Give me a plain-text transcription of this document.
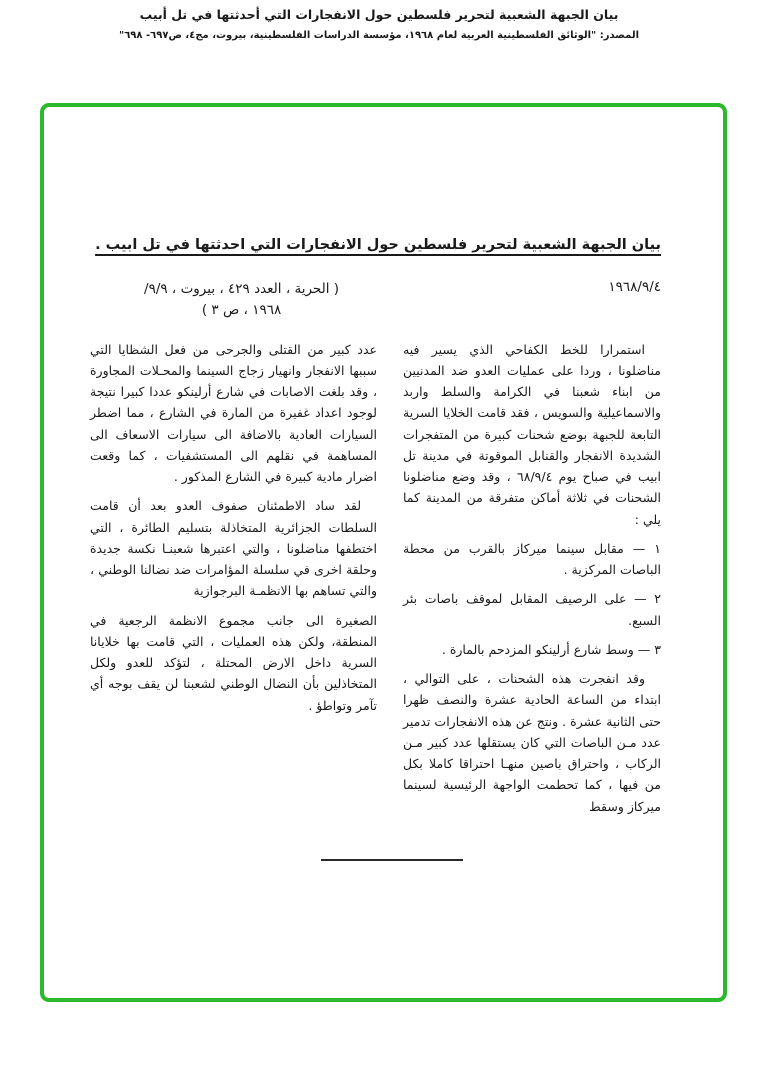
بيان الجبهة الشعبية لتحرير فلسطين حول الانفجارات التي أحدثتها في تل أبيب
المصدر: "الوثائق الفلسطينية العربية لعام ١٩٦٨، مؤسسة الدراسات الفلسطينية، بيروت، مج٤، ص٦٩٧- ٦٩٨"
بيان الجبهة الشعبية لتحرير فلسطين حول الانفجارات التي احدثتها في تل ابيب .
١٩٦٨/٩/٤
( الحرية ، العدد ٤٢٩ ، بيروت ، ٩/٩/
١٩٦٨ ، ص ٣ )

استمرارا للخط الكفاحي الذي يسير فيه مناضلونا ، وردا على عمليات العدو ضد المدنيين من ابناء شعبنا في الكرامة والسلط واربد والاسماعيلية والسويس ، فقد قامت الخلايا السرية التابعة للجبهة بوضع شحنات كبيرة من المتفجرات الشديدة الانفجار والقنابل الموقوتة في مدينة تل ابيب في صباح يوم ٦٨/٩/٤ ، وقد وضع مناضلونا الشحنات في ثلاثة أماكن متفرقة من المدينة كما يلي :

١ — مقابل سينما ميركاز بالقرب من محطة الباصات المركزية .

٢ — على الرصيف المقابل لموقف باصات بئر السبع.

٣ — وسط شارع أرلينكو المزدحم بالمارة .

وقد انفجرت هذه الشحنات ، على التوالي ، ابتداء من الساعة الحادية عشرة والنصف ظهرا حتى الثانية عشرة . ونتج عن هذه الانفجارات تدمير عدد مـن الباصات التي كان يستقلها عدد كبير مـن الركاب ، واحتراق باصين منهـا احتراقا كاملا بكل من فيها ، كما تحطمت الواجهة الرئيسية لسينما ميركاز وسقط

عدد كبير من القتلى والجرحى من فعل الشظايا التي سببها الانفجار وانهيار زجاج السينما والمحـلات المجاورة ، وقد بلغت الاصابات في شارع أرلينكو عددا كبيرا نتيجة لوجود اعداد غفيرة من المارة في الشارع ، مما اضطر السيارات العادية بالاضافة الى سيارات الاسعاف الى المساهمة في نقلهم الى المستشفيات ، كما وقعت اضرار مادية كبيرة في الشارع المذكور .

لقد ساد الاطمئنان صفوف العدو بعد أن قامت السلطات الجزائرية المتخاذلة بتسليم الطائرة ، التي اختطفها مناضلونا ، والتي اعتبرها شعبنـا نكسة جديدة وحلقة اخرى في سلسلة المؤامرات ضد نضالنا الوطني ، والتي تساهم بها الانظمـة البرجوازية

الصغيرة الى جانب مجموع الانظمة الرجعية في المنطقة، ولكن هذه العمليات ، التي قامت بها خلايانا السرية داخل الارض المحتلة ، لتؤكد للعدو ولكل المتخاذلين بأن النضال الوطني لشعبنا لن يقف بوجه أي تآمر وتواطؤ .
